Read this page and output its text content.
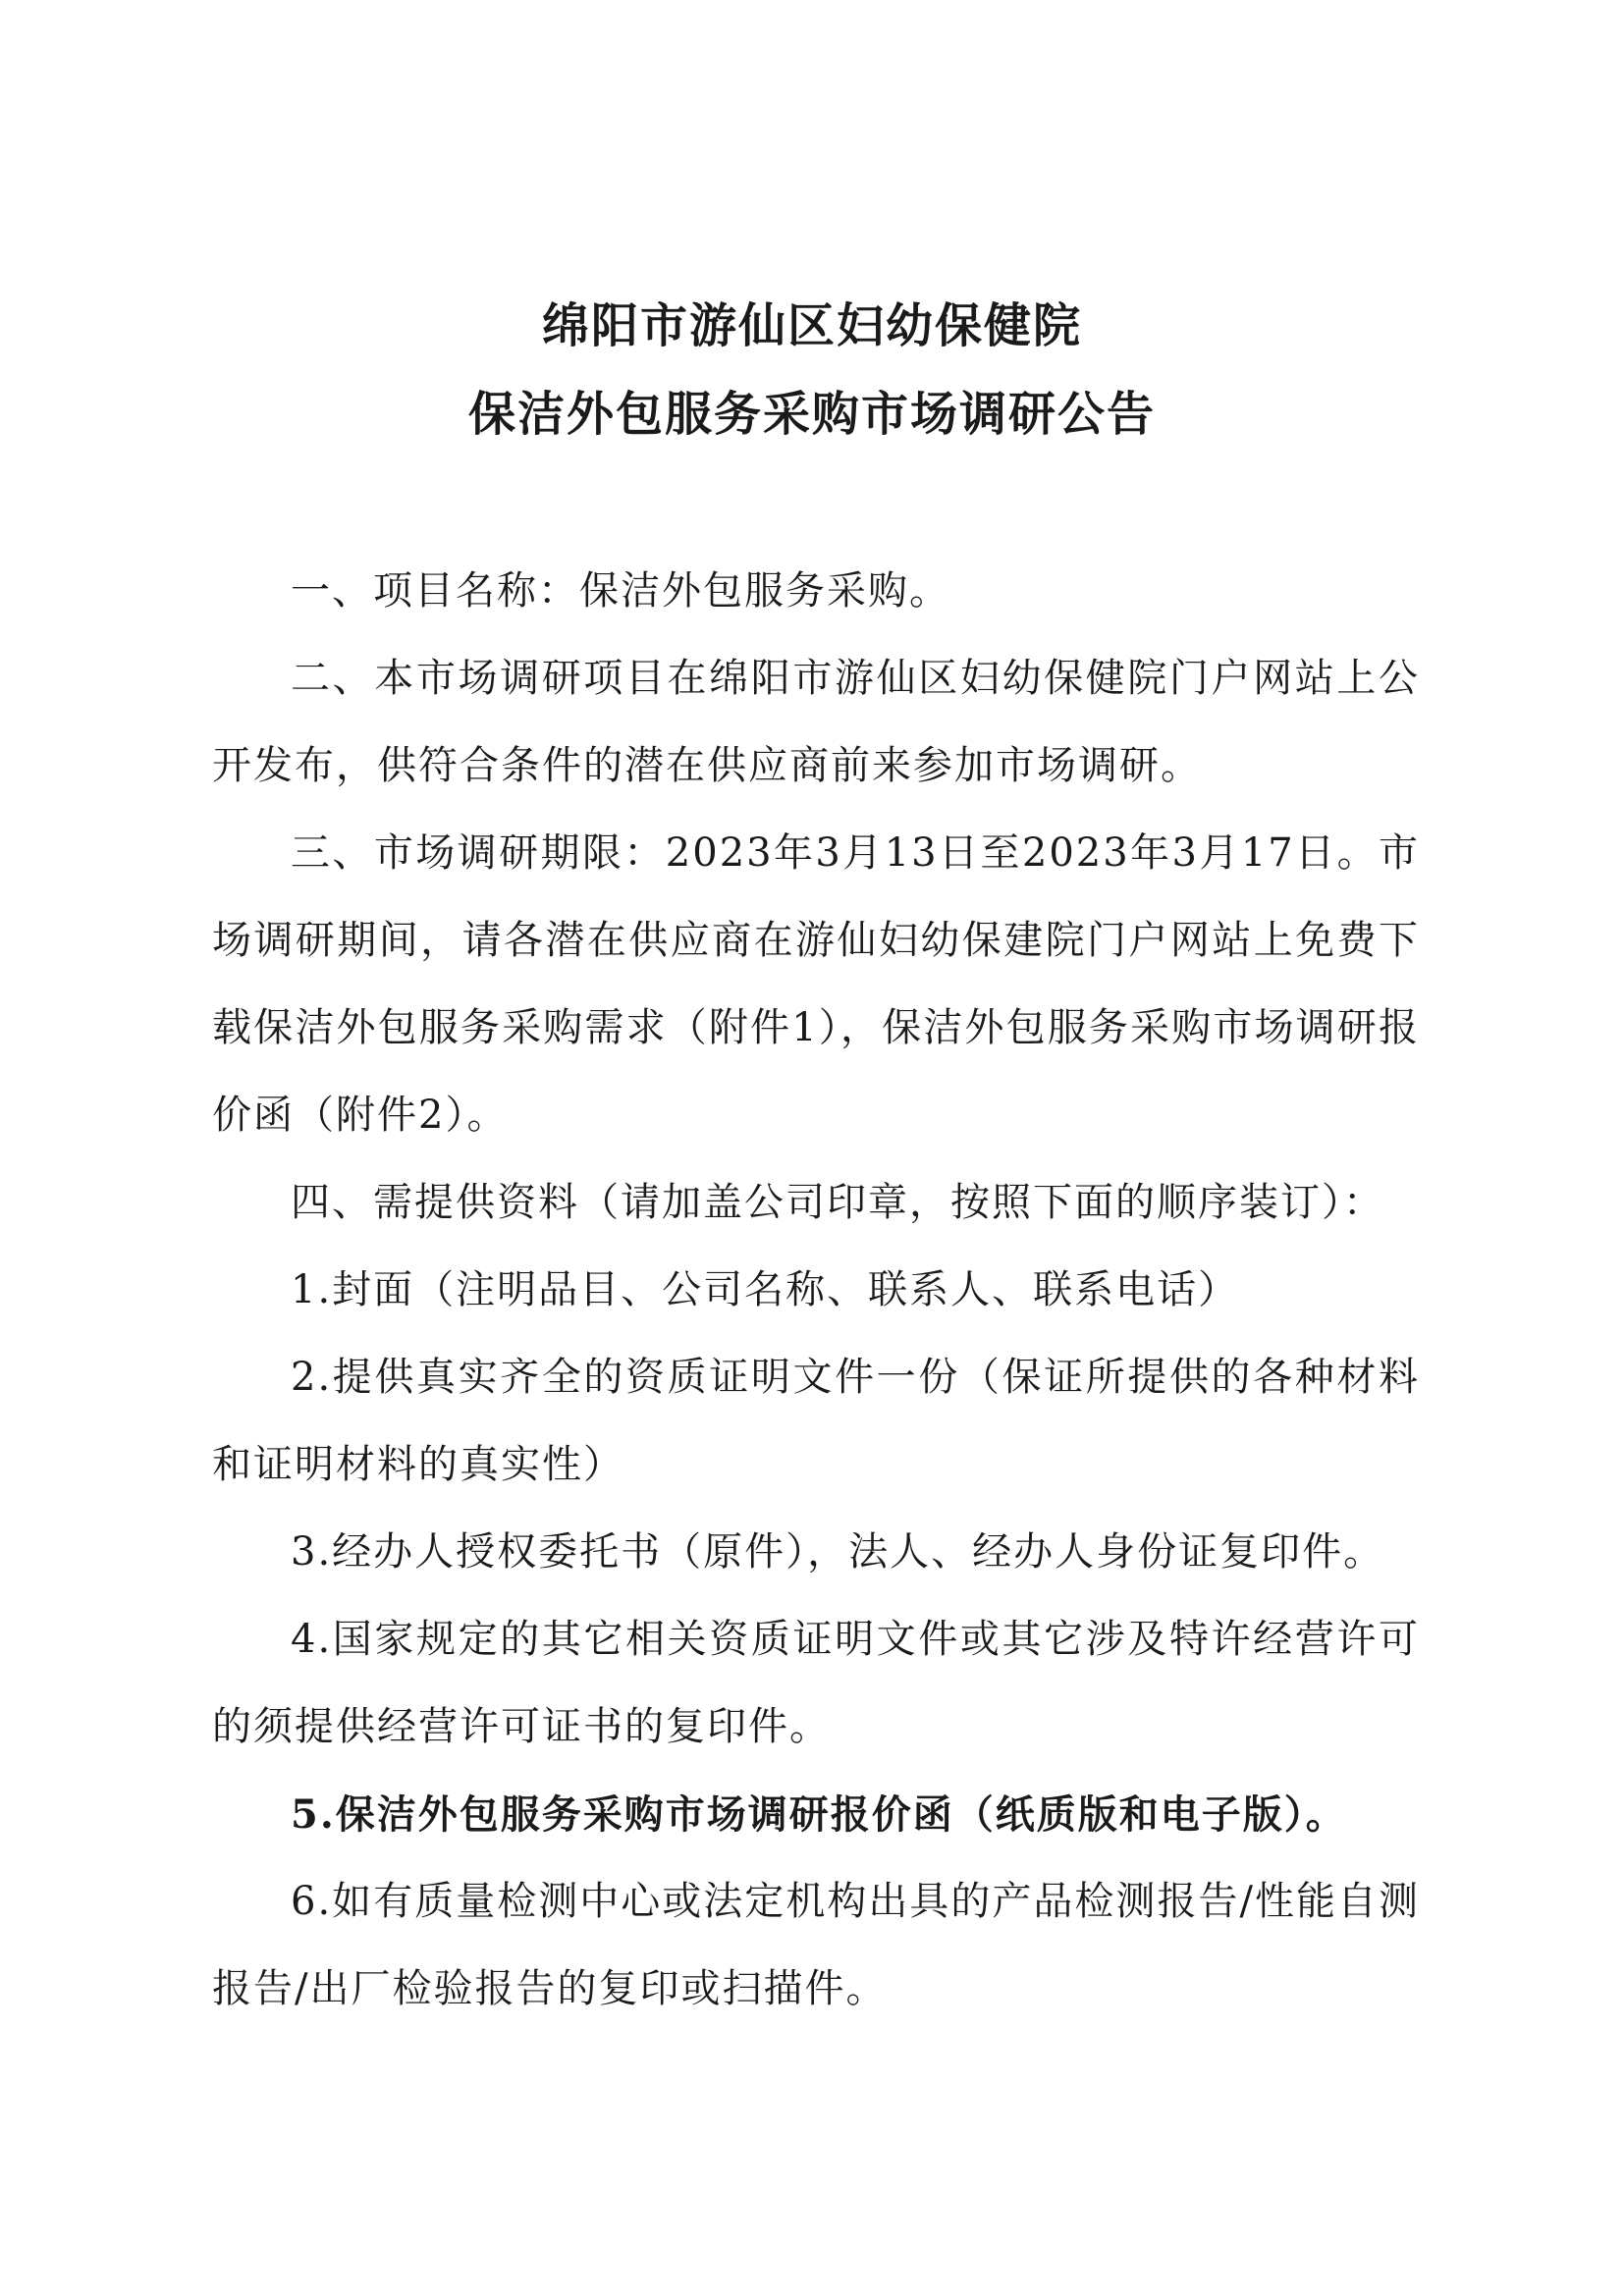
绵阳市游仙区妇幼保健院
保洁外包服务采购市场调研公告

一、项目名称：保洁外包服务采购。

二、本市场调研项目在绵阳市游仙区妇幼保健院门户网站上公开发布，供符合条件的潜在供应商前来参加市场调研。

三、市场调研期限：2023年3月13日至2023年3月17日。市场调研期间，请各潜在供应商在游仙妇幼保建院门户网站上免费下载保洁外包服务采购需求（附件1），保洁外包服务采购市场调研报价函（附件2）。

四、需提供资料（请加盖公司印章，按照下面的顺序装订）：

1.封面（注明品目、公司名称、联系人、联系电话）

2.提供真实齐全的资质证明文件一份（保证所提供的各种材料和证明材料的真实性）

3.经办人授权委托书（原件），法人、经办人身份证复印件。

4.国家规定的其它相关资质证明文件或其它涉及特许经营许可的须提供经营许可证书的复印件。

5.保洁外包服务采购市场调研报价函（纸质版和电子版）。

6.如有质量检测中心或法定机构出具的产品检测报告/性能自测报告/出厂检验报告的复印或扫描件。
